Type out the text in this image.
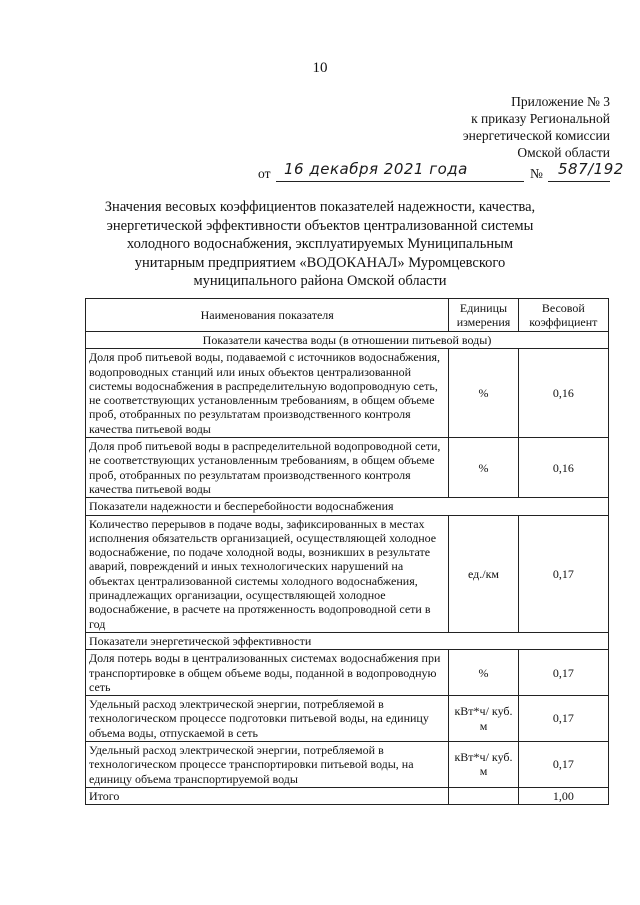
10
Приложение № 3
к приказу Региональной
энергетической комиссии
Омской области
от 16 декабря 2021 года	№ 587/192
Значения весовых коэффициентов показателей надежности, качества, энергетической эффективности объектов централизованной системы холодного водоснабжения, эксплуатируемых Муниципальным унитарным предприятием «ВОДОКАНАЛ» Муромцевского муниципального района Омской области
Наименования показателя	Единицы измерения	Весовой коэффициент
Показатели качества воды (в отношении питьевой воды)		
Доля проб питьевой воды, подаваемой с источников водоснабжения, водопроводных станций или иных объектов централизованной системы водоснабжения в распределительную водопроводную сеть, не соответствующих установленным требованиям, в общем объеме проб, отобранных по результатам производственного контроля качества питьевой воды	%	0,16
Доля проб питьевой воды в распределительной водопроводной сети, не соответствующих установленным требованиям, в общем объеме проб, отобранных по результатам производственного контроля качества питьевой воды	%	0,16
Показатели надежности и бесперебойности водоснабжения		
Количество перерывов в подаче воды, зафиксированных в местах исполнения обязательств организацией, осуществляющей холодное водоснабжение, по подаче холодной воды, возникших в результате аварий, повреждений и иных технологических нарушений на объектах централизованной системы холодного водоснабжения, принадлежащих организации, осуществляющей холодное водоснабжение, в расчете на протяженность водопроводной сети в год	ед./км	0,17
Показатели энергетической эффективности		
Доля потерь воды в централизованных системах водоснабжения при транспортировке в общем объеме воды, поданной в водопроводную сеть	%	0,17
Удельный расход электрической энергии, потребляемой в технологическом процессе подготовки питьевой воды, на единицу объема воды, отпускаемой в сеть	кВт*ч/ куб. м	0,17
Удельный расход электрической энергии, потребляемой в технологическом процессе транспортировки питьевой воды, на единицу объема транспортируемой воды	кВт*ч/ куб. м	0,17
Итого		1,00
